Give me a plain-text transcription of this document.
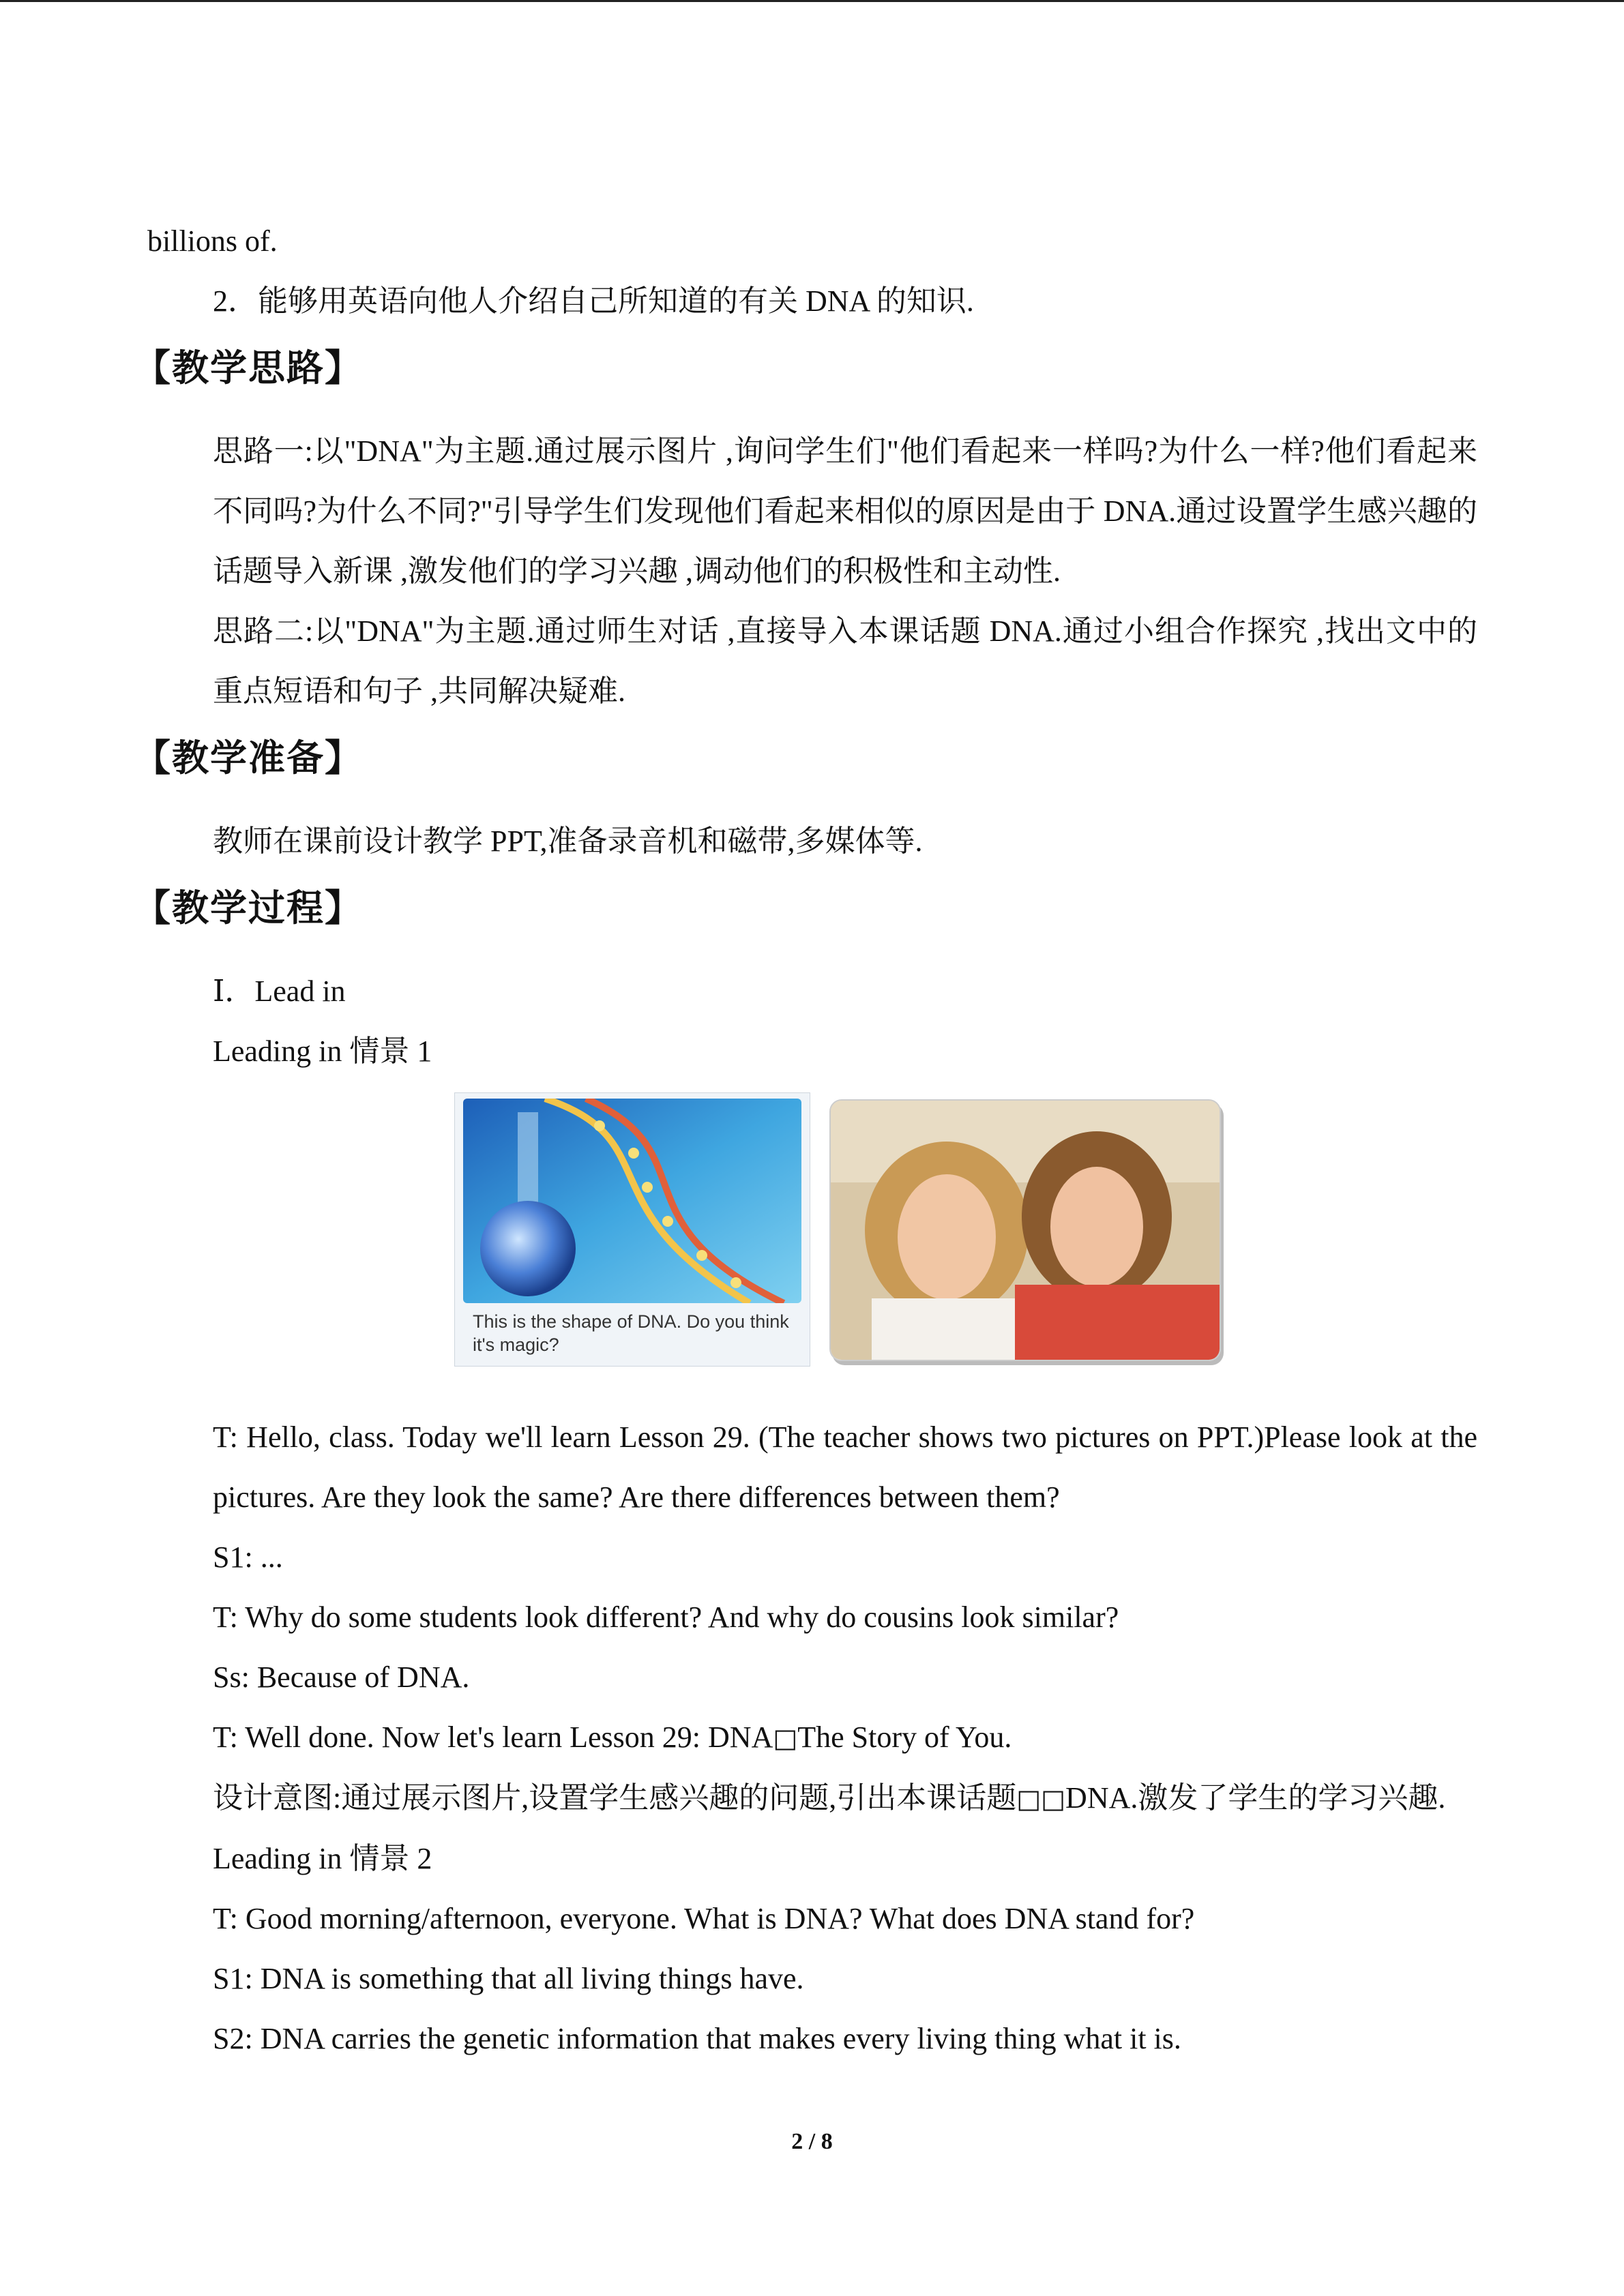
billions of.

2．能够用英语向他人介绍自己所知道的有关 DNA 的知识.

【教学思路】

思路一:以"DNA"为主题.通过展示图片 ,询问学生们"他们看起来一样吗?为什么一样?他们看起来不同吗?为什么不同?"引导学生们发现他们看起来相似的原因是由于 DNA.通过设置学生感兴趣的话题导入新课 ,激发他们的学习兴趣 ,调动他们的积极性和主动性.

思路二:以"DNA"为主题.通过师生对话 ,直接导入本课话题 DNA.通过小组合作探究 ,找出文中的重点短语和句子 ,共同解决疑难.

【教学准备】

教师在课前设计教学 PPT,准备录音机和磁带,多媒体等.

【教学过程】

Ⅰ．Lead in

Leading in 情景 1

This is the shape of DNA. Do you think it's magic?

T: Hello, class. Today we'll learn Lesson 29. (The teacher shows two pictures on PPT.)Please look at the pictures. Are they look the same? Are there differences between them?

S1: ...

T: Why do some students look different? And why do cousins look similar?

Ss: Because of DNA.

T: Well done. Now let's learn Lesson 29: DNA□The Story of You.

设计意图:通过展示图片,设置学生感兴趣的问题,引出本课话题□□DNA.激发了学生的学习兴趣.

Leading in 情景 2

T: Good morning/afternoon, everyone. What is DNA? What does DNA stand for?

S1: DNA is something that all living things have.

S2: DNA carries the genetic information that makes every living thing what it is.

2 / 8
